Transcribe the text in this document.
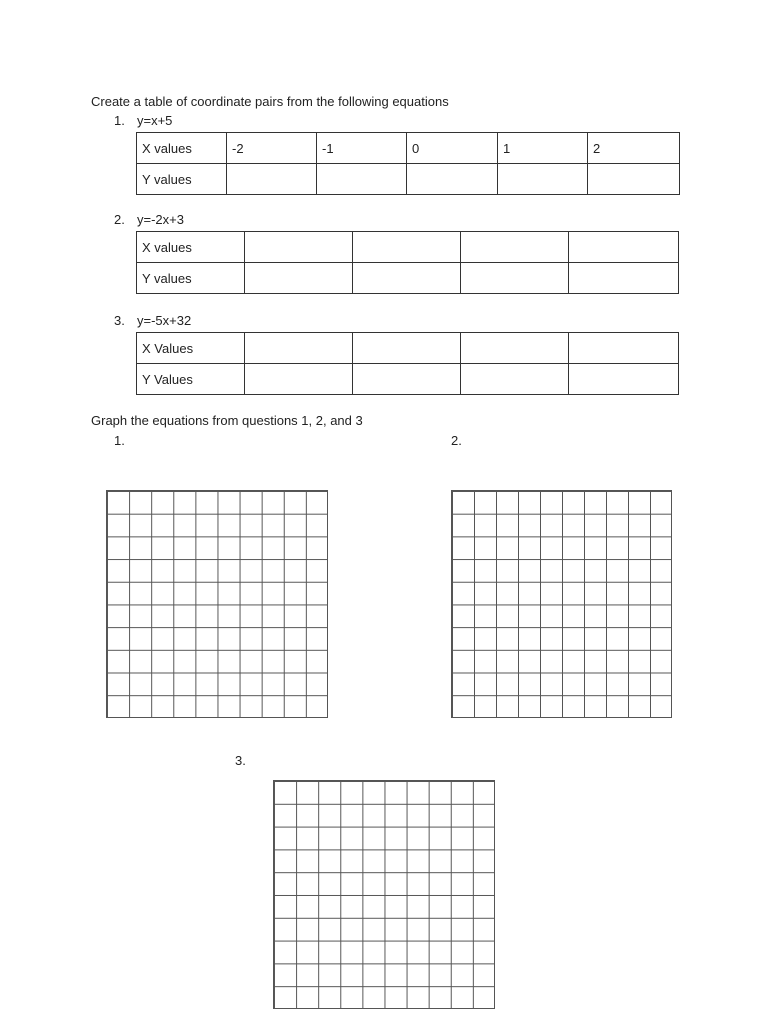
Create a table of coordinate pairs from the following equations
1. y=x+5
X values	-2	-1	0	1	2
Y values					
2. y=-2x+3
X values				
Y values				
3. y=-5x+32
X Values				
Y Values				
Graph the equations from questions 1, 2, and 3
1.	2.
3.
